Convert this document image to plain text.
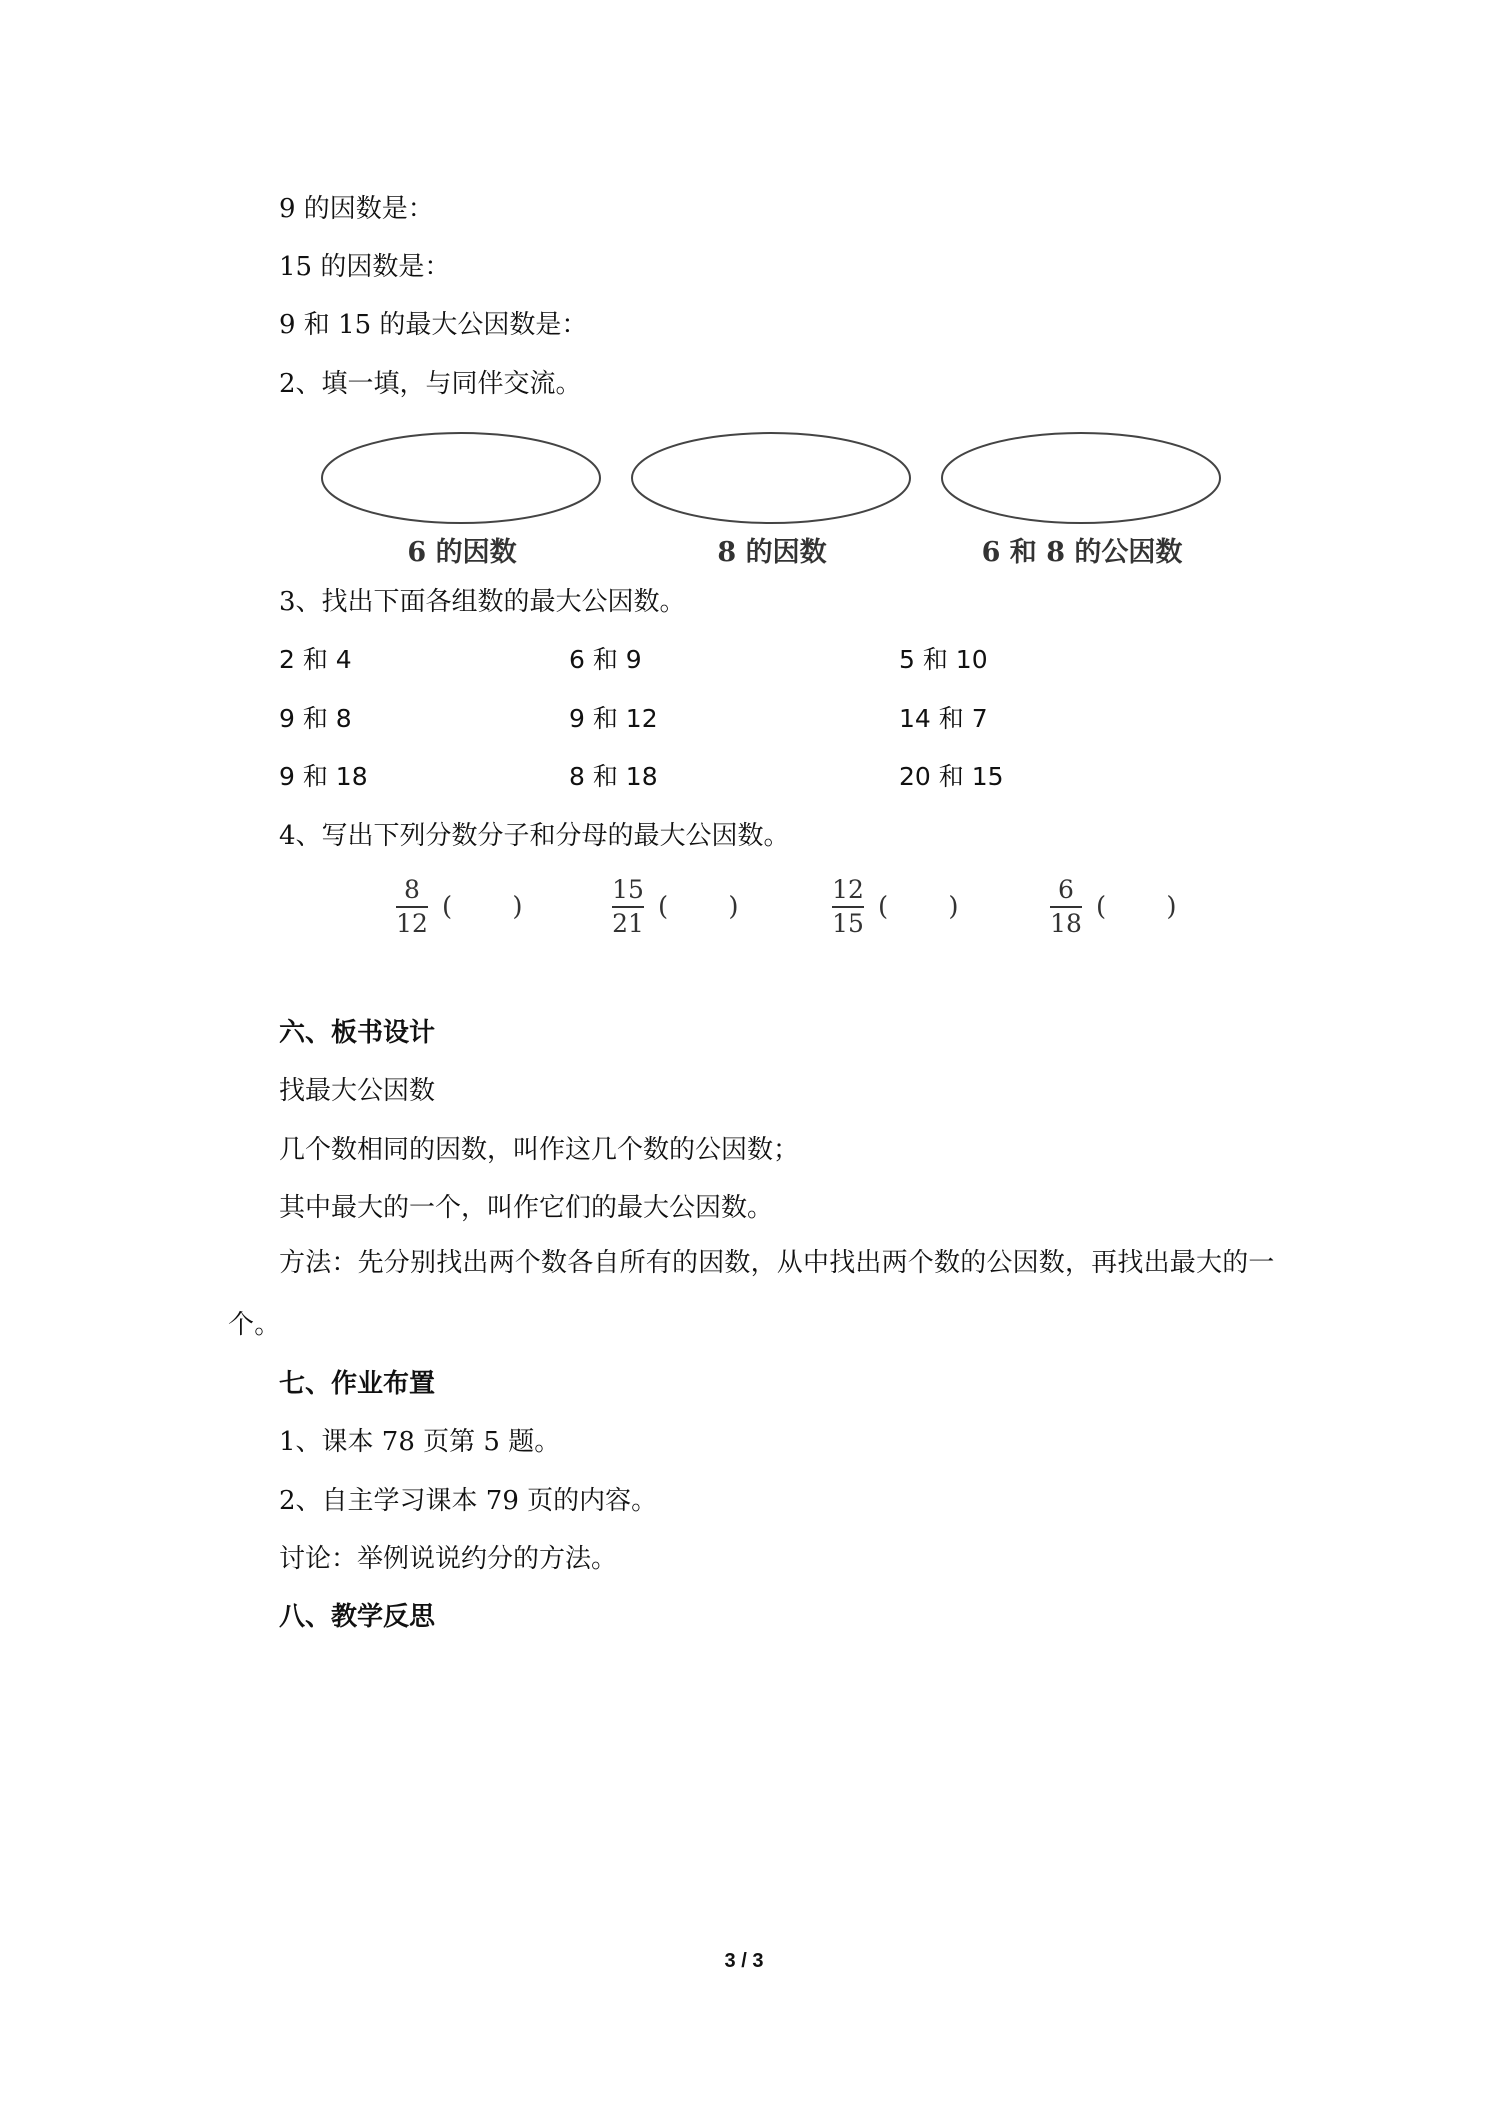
9 的因数是：
15 的因数是：
9 和 15 的最大公因数是：
2、填一填，与同伴交流。
6 的因数	8 的因数	6 和 8 的公因数
3、找出下面各组数的最大公因数。
2 和 4	6 和 9	5 和 10
9 和 8	9 和 12	14 和 7
9 和 18	8 和 18	20 和 15
4、写出下列分数分子和分母的最大公因数。
$\frac{8}{12}$ ( )	$\frac{15}{21}$ ( )	$\frac{12}{15}$ ( )	$\frac{6}{18}$ ( )
六、板书设计
找最大公因数
几个数相同的因数，叫作这几个数的公因数；
其中最大的一个，叫作它们的最大公因数。
方法：先分别找出两个数各自所有的因数，从中找出两个数的公因数，再找出最大的一个。
七、作业布置
1、课本 78 页第 5 题。
2、自主学习课本 79 页的内容。
讨论：举例说说约分的方法。
八、教学反思
3 / 3
